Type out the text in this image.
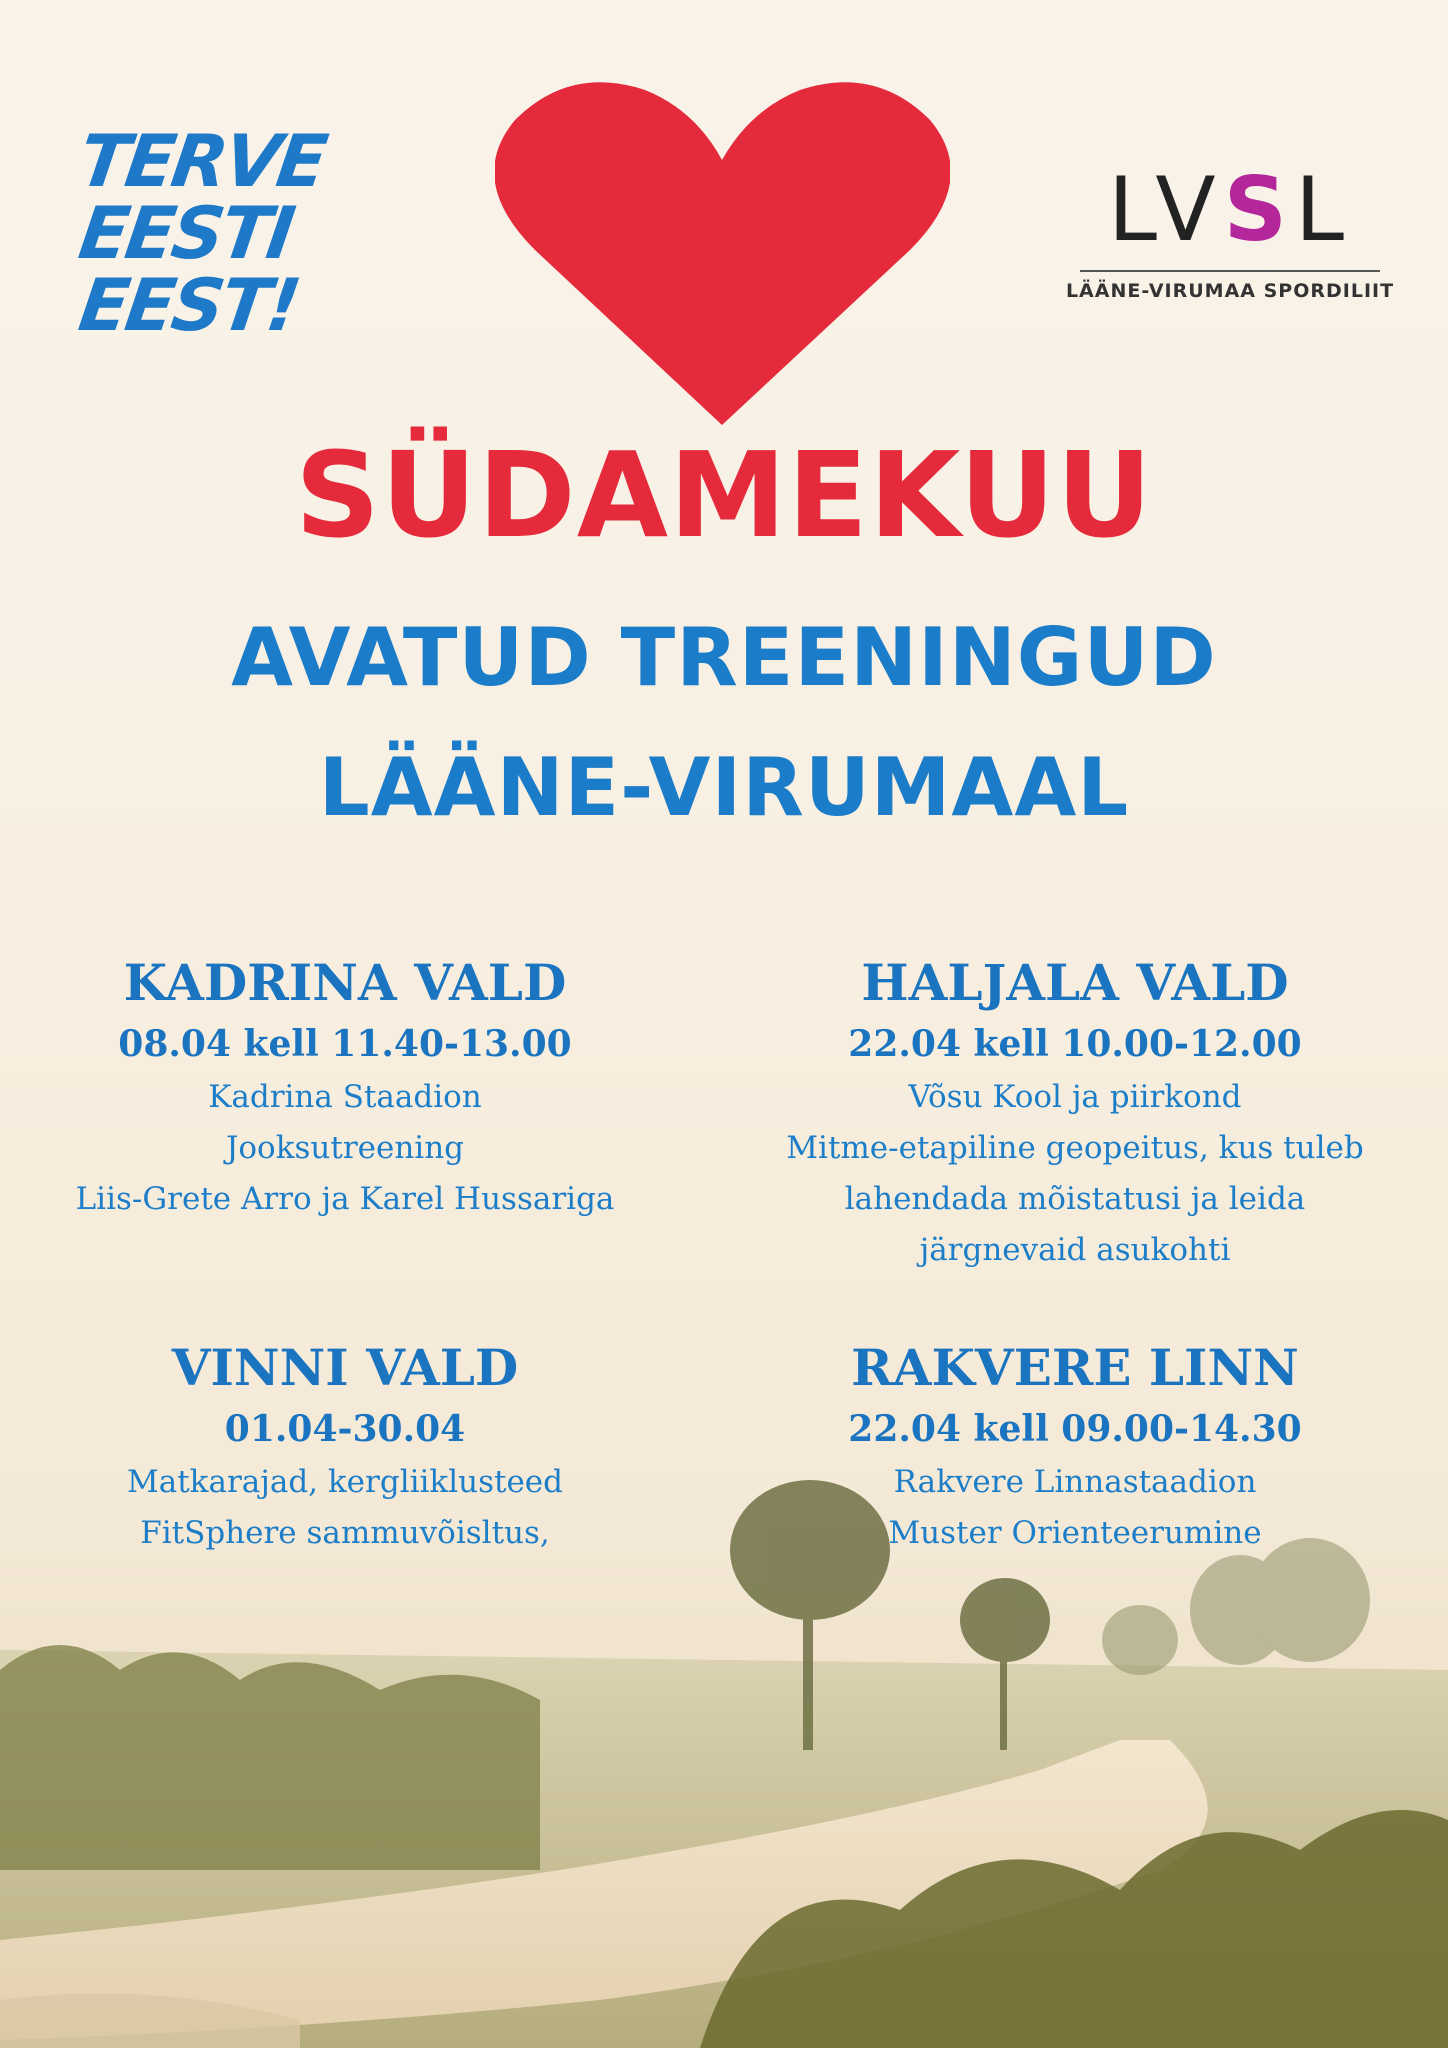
TERVE
EESTI
EEST!
LVSL
LÄÄNE-VIRUMAA SPORDILIIT
SÜDAMEKUU
AVATUD TREENINGUD
LÄÄNE-VIRUMAAL
KADRINA VALD
08.04 kell 11.40-13.00
Kadrina Staadion
Jooksutreening
Liis-Grete Arro ja Karel Hussariga
HALJALA VALD
22.04 kell 10.00-12.00
Võsu Kool ja piirkond
Mitme-etapiline geopeitus, kus tuleb
lahendada mõistatusi ja leida
järgnevaid asukohti
VINNI VALD
01.04-30.04
Matkarajad, kergliiklusteed
FitSphere sammuvõisltus,
RAKVERE LINN
22.04 kell 09.00-14.30
Rakvere Linnastaadion
Muster Orienteerumine
